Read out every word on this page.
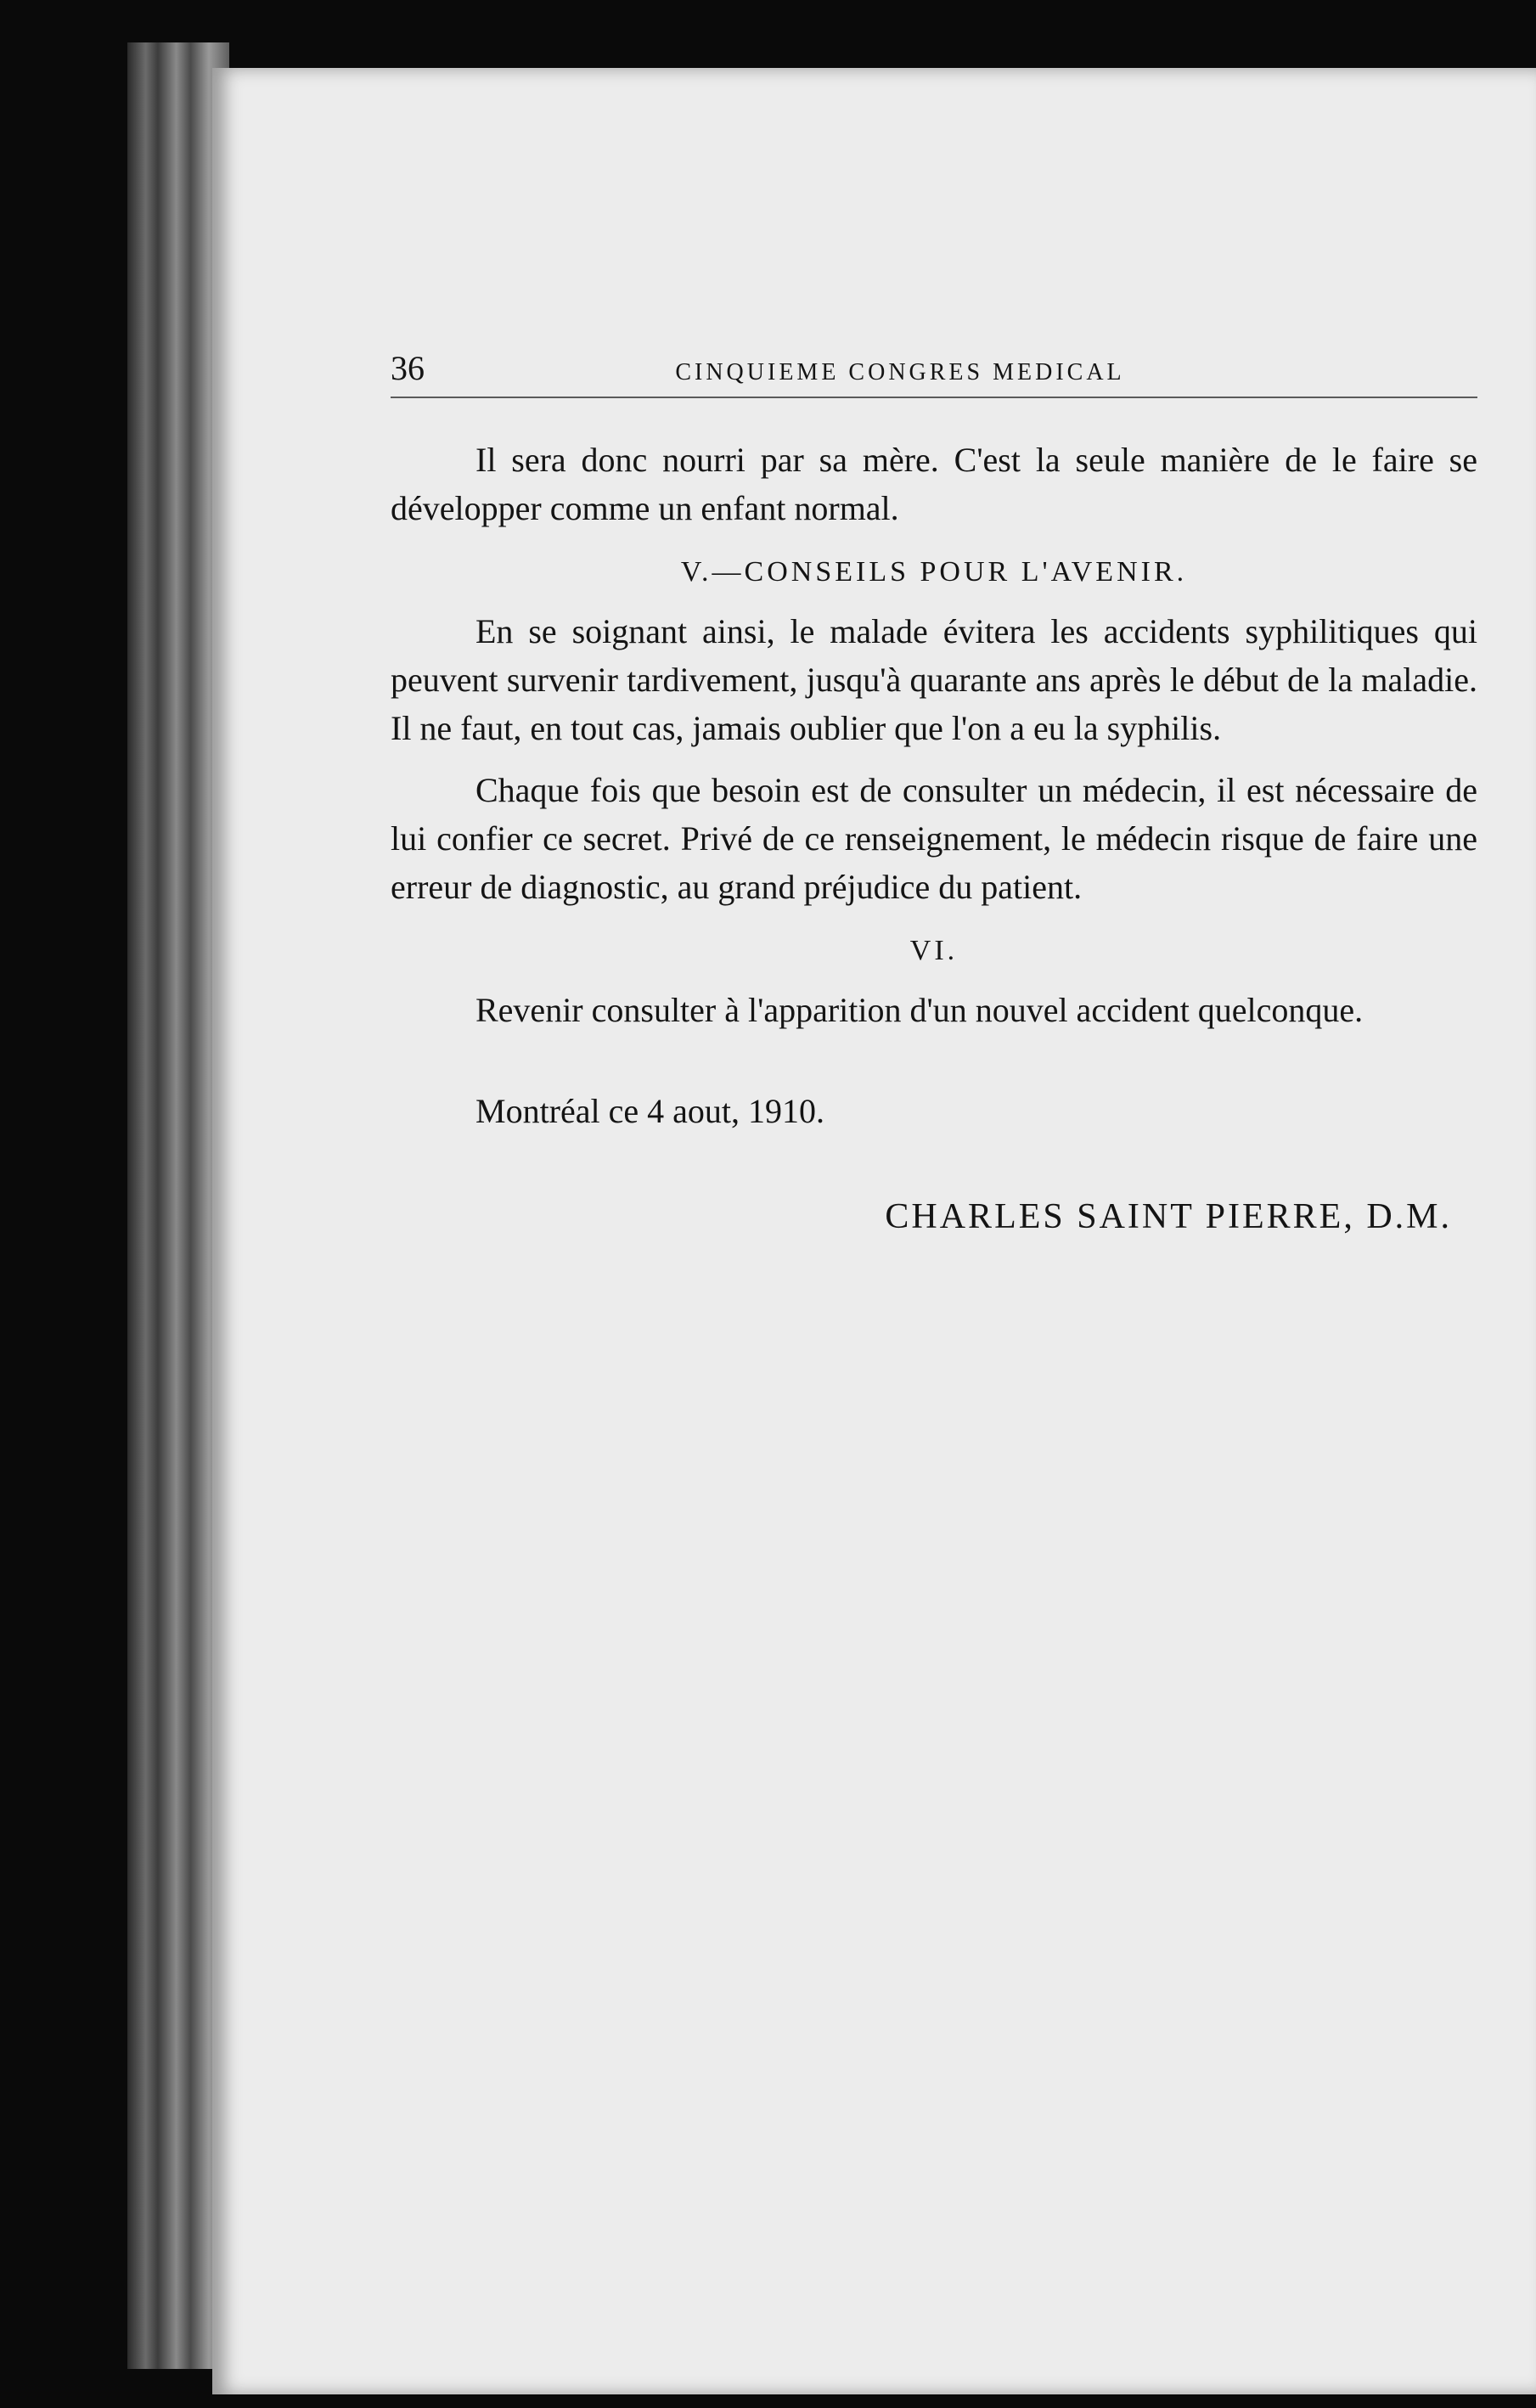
36	CINQUIEME CONGRES MEDICAL

Il sera donc nourri par sa mère. C'est la seule manière de le faire se développer comme un enfant normal.

V.—CONSEILS POUR L'AVENIR.

En se soignant ainsi, le malade évitera les accidents syphilitiques qui peuvent survenir tardivement, jusqu'à quarante ans après le début de la maladie. Il ne faut, en tout cas, jamais oublier que l'on a eu la syphilis.

Chaque fois que besoin est de consulter un médecin, il est nécessaire de lui confier ce secret. Privé de ce renseignement, le médecin risque de faire une erreur de diagnostic, au grand préjudice du patient.

VI.

Revenir consulter à l'apparition d'un nouvel accident quelconque.

Montréal ce 4 aout, 1910.
CHARLES SAINT PIERRE, D.M.
